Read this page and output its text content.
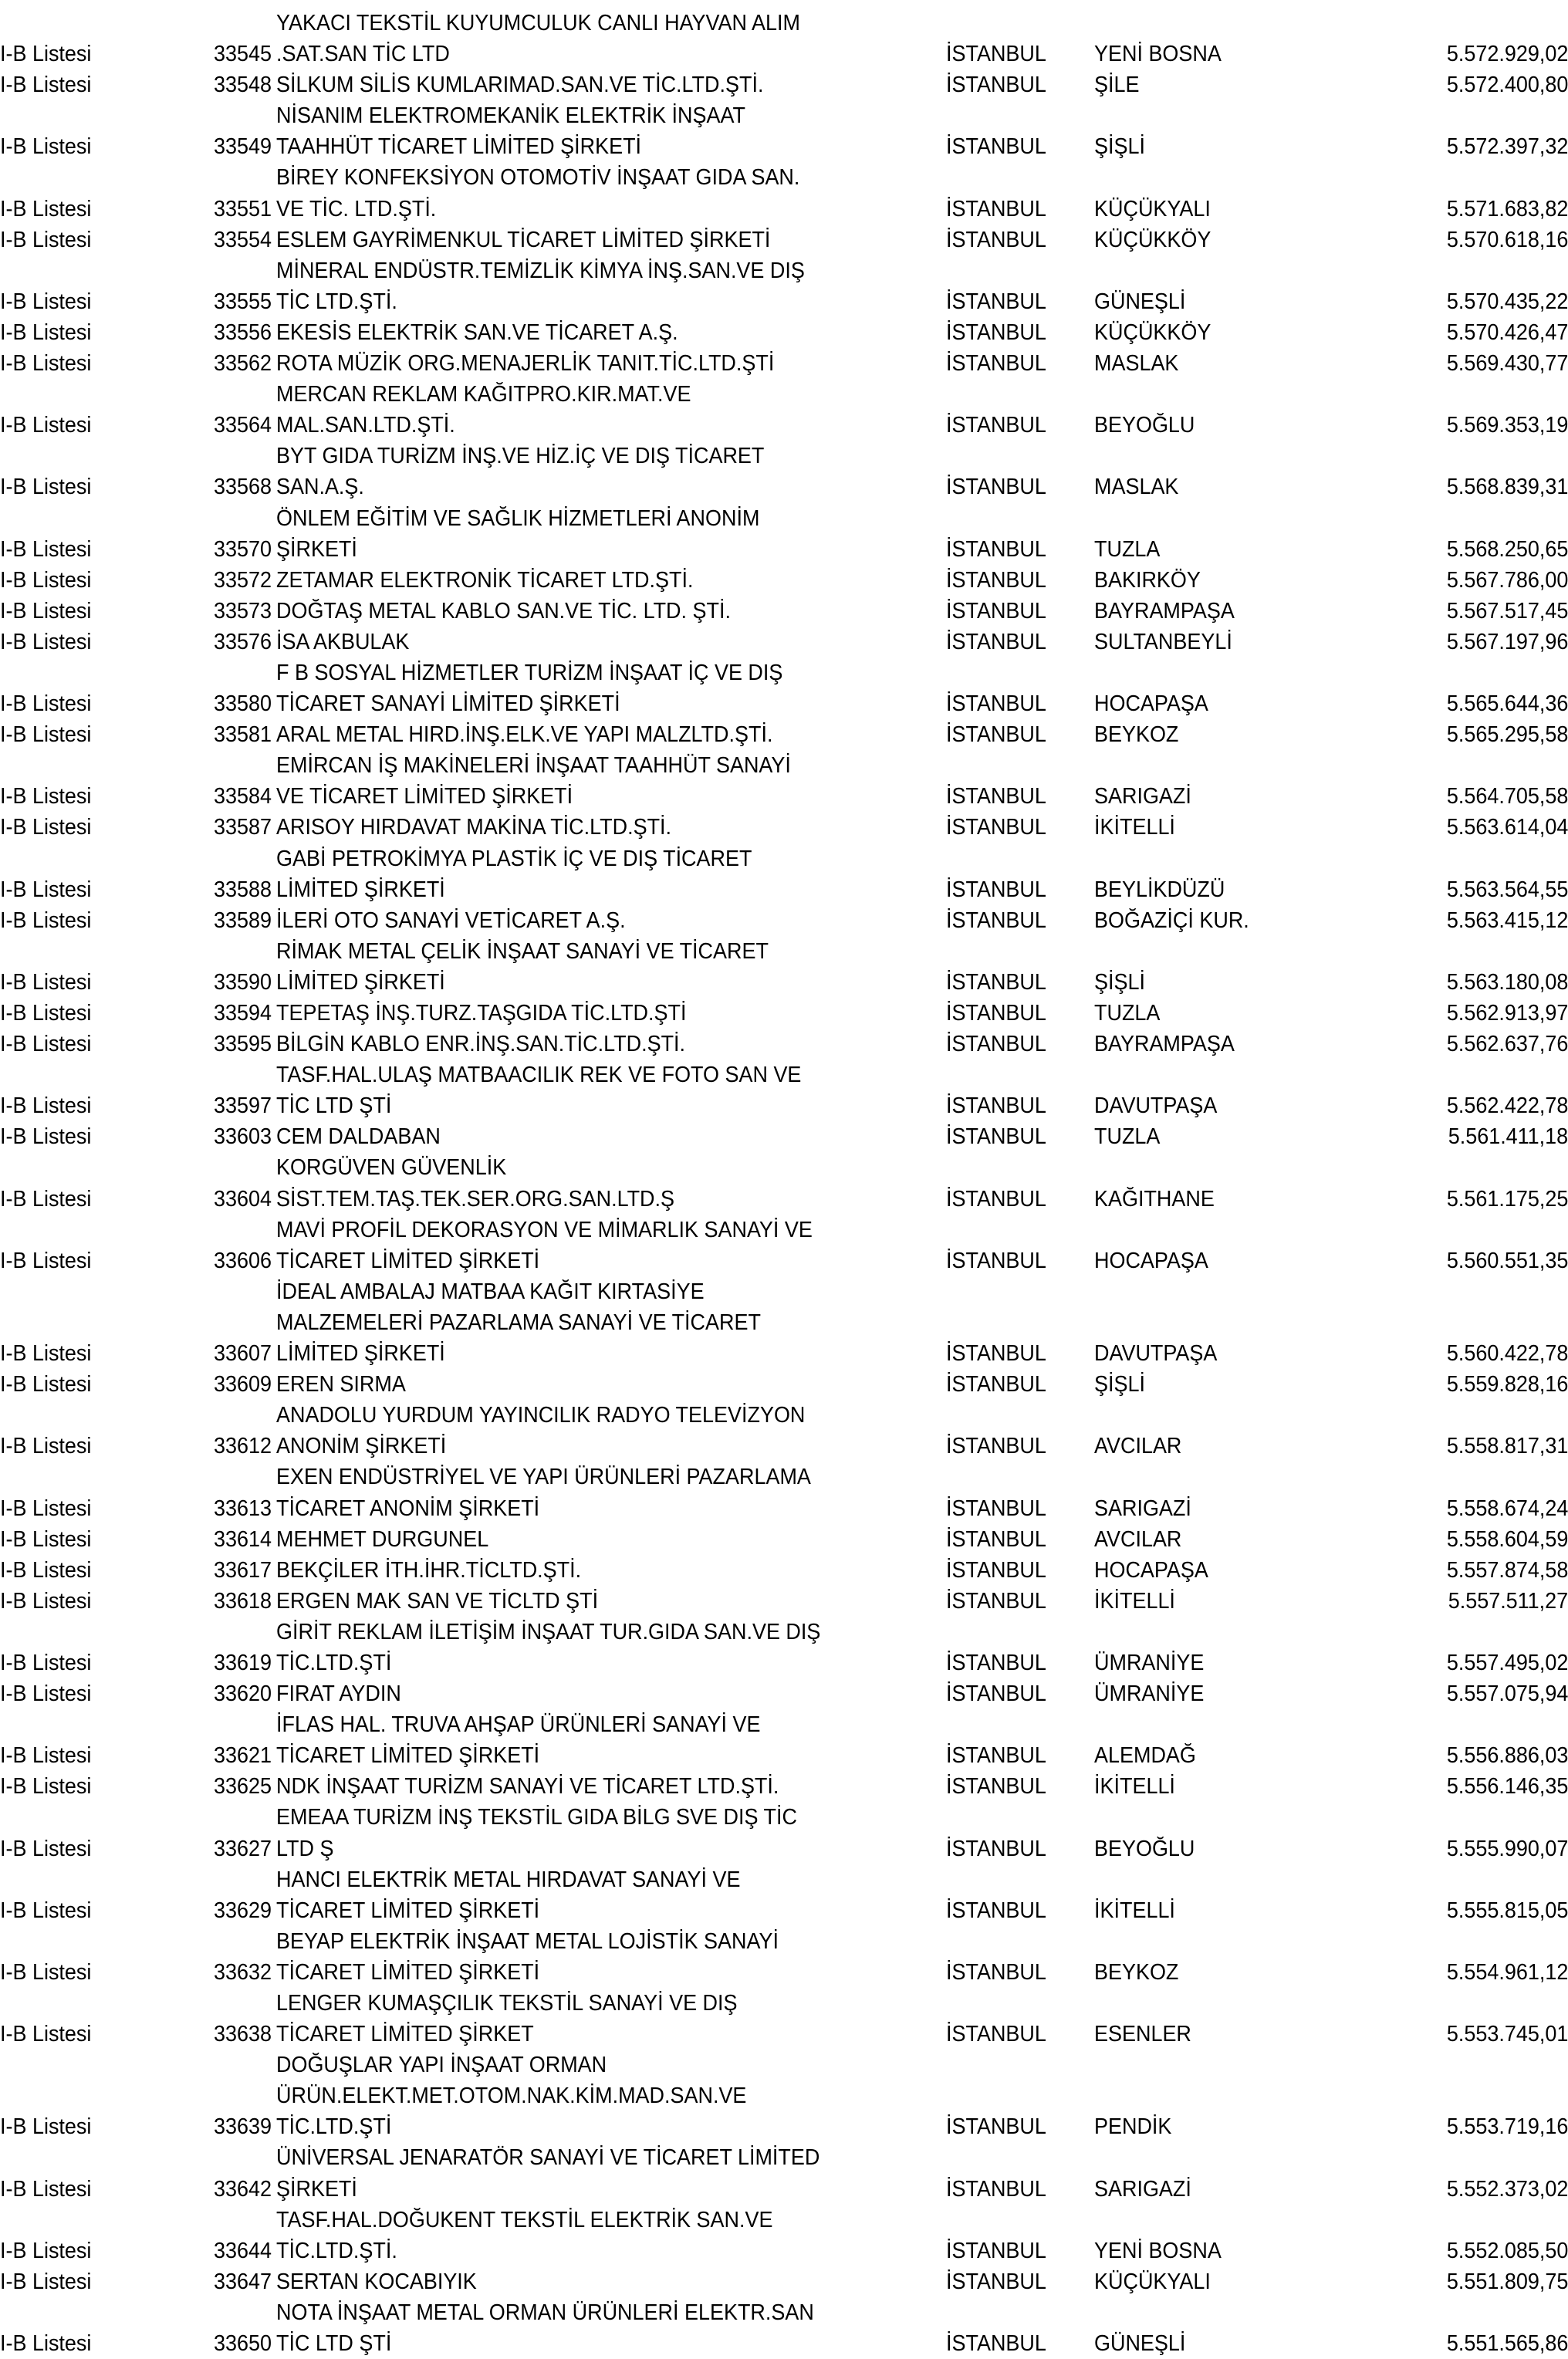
YAKACI TEKSTİL KUYUMCULUK CANLI HAYVAN ALIM
I-B Listesi	33545 .SAT.SAN TİC LTD	İSTANBUL YENİ BOSNA	5.572.929,02
I-B Listesi	33548 SİLKUM SİLİS KUMLARIMAD.SAN.VE TİC.LTD.ŞTİ.	İSTANBUL ŞİLE	5.572.400,80
NİSANIM ELEKTROMEKANİK ELEKTRİK İNŞAAT
I-B Listesi	33549 TAAHHÜT TİCARET LİMİTED ŞİRKETİ	İSTANBUL ŞİŞLİ	5.572.397,32
BİREY KONFEKSİYON OTOMOTİV İNŞAAT GIDA SAN.
I-B Listesi	33551 VE TİC. LTD.ŞTİ.	İSTANBUL KÜÇÜKYALI	5.571.683,82
I-B Listesi	33554 ESLEM GAYRİMENKUL TİCARET LİMİTED ŞİRKETİ	İSTANBUL KÜÇÜKKÖY	5.570.618,16
MİNERAL ENDÜSTR.TEMİZLİK KİMYA İNŞ.SAN.VE DIŞ
I-B Listesi	33555 TİC LTD.ŞTİ.	İSTANBUL GÜNEŞLİ	5.570.435,22
I-B Listesi	33556 EKESİS ELEKTRİK SAN.VE TİCARET A.Ş.	İSTANBUL KÜÇÜKKÖY	5.570.426,47
I-B Listesi	33562 ROTA MÜZİK ORG.MENAJERLİK TANIT.TİC.LTD.ŞTİ	İSTANBUL MASLAK	5.569.430,77
MERCAN REKLAM KAĞITPRO.KIR.MAT.VE
I-B Listesi	33564 MAL.SAN.LTD.ŞTİ.	İSTANBUL BEYOĞLU	5.569.353,19
BYT GIDA TURİZM İNŞ.VE HİZ.İÇ VE DIŞ TİCARET
I-B Listesi	33568 SAN.A.Ş.	İSTANBUL MASLAK	5.568.839,31
ÖNLEM EĞİTİM VE SAĞLIK HİZMETLERİ ANONİM
I-B Listesi	33570 ŞİRKETİ	İSTANBUL TUZLA	5.568.250,65
I-B Listesi	33572 ZETAMAR ELEKTRONİK TİCARET LTD.ŞTİ.	İSTANBUL BAKIRKÖY	5.567.786,00
I-B Listesi	33573 DOĞTAŞ METAL KABLO SAN.VE TİC. LTD. ŞTİ.	İSTANBUL BAYRAMPAŞA	5.567.517,45
I-B Listesi	33576 İSA AKBULAK	İSTANBUL SULTANBEYLİ	5.567.197,96
F B SOSYAL HİZMETLER TURİZM İNŞAAT İÇ VE DIŞ
I-B Listesi	33580 TİCARET SANAYİ LİMİTED ŞİRKETİ	İSTANBUL HOCAPAŞA	5.565.644,36
I-B Listesi	33581 ARAL METAL HIRD.İNŞ.ELK.VE YAPI MALZLTD.ŞTİ.	İSTANBUL BEYKOZ	5.565.295,58
EMİRCAN İŞ MAKİNELERİ İNŞAAT TAAHHÜT SANAYİ
I-B Listesi	33584 VE TİCARET LİMİTED ŞİRKETİ	İSTANBUL SARIGAZİ	5.564.705,58
I-B Listesi	33587 ARISOY HIRDAVAT MAKİNA TİC.LTD.ŞTİ.	İSTANBUL İKİTELLİ	5.563.614,04
GABİ PETROKİMYA PLASTİK İÇ VE DIŞ TİCARET
I-B Listesi	33588 LİMİTED ŞİRKETİ	İSTANBUL BEYLİKDÜZÜ	5.563.564,55
I-B Listesi	33589 İLERİ OTO SANAYİ VETİCARET A.Ş.	İSTANBUL BOĞAZİÇİ KUR.	5.563.415,12
RİMAK METAL ÇELİK İNŞAAT SANAYİ VE TİCARET
I-B Listesi	33590 LİMİTED ŞİRKETİ	İSTANBUL ŞİŞLİ	5.563.180,08
I-B Listesi	33594 TEPETAŞ İNŞ.TURZ.TAŞGIDA TİC.LTD.ŞTİ	İSTANBUL TUZLA	5.562.913,97
I-B Listesi	33595 BİLGİN KABLO ENR.İNŞ.SAN.TİC.LTD.ŞTİ.	İSTANBUL BAYRAMPAŞA	5.562.637,76
TASF.HAL.ULAŞ MATBAACILIK REK VE FOTO SAN VE
I-B Listesi	33597 TİC LTD ŞTİ	İSTANBUL DAVUTPAŞA	5.562.422,78
I-B Listesi	33603 CEM DALDABAN	İSTANBUL TUZLA	5.561.411,18
KORGÜVEN GÜVENLİK
I-B Listesi	33604 SİST.TEM.TAŞ.TEK.SER.ORG.SAN.LTD.Ş	İSTANBUL KAĞITHANE	5.561.175,25
MAVİ PROFİL DEKORASYON VE MİMARLIK SANAYİ VE
I-B Listesi	33606 TİCARET LİMİTED ŞİRKETİ	İSTANBUL HOCAPAŞA	5.560.551,35
İDEAL AMBALAJ MATBAA KAĞIT KIRTASİYE
MALZEMELERİ PAZARLAMA SANAYİ VE TİCARET
I-B Listesi	33607 LİMİTED ŞİRKETİ	İSTANBUL DAVUTPAŞA	5.560.422,78
I-B Listesi	33609 EREN SIRMA	İSTANBUL ŞİŞLİ	5.559.828,16
ANADOLU YURDUM YAYINCILIK RADYO TELEVİZYON
I-B Listesi	33612 ANONİM ŞİRKETİ	İSTANBUL AVCILAR	5.558.817,31
EXEN ENDÜSTRİYEL VE YAPI ÜRÜNLERİ PAZARLAMA
I-B Listesi	33613 TİCARET ANONİM ŞİRKETİ	İSTANBUL SARIGAZİ	5.558.674,24
I-B Listesi	33614 MEHMET DURGUNEL	İSTANBUL AVCILAR	5.558.604,59
I-B Listesi	33617 BEKÇİLER İTH.İHR.TİCLTD.ŞTİ.	İSTANBUL HOCAPAŞA	5.557.874,58
I-B Listesi	33618 ERGEN MAK SAN VE TİCLTD ŞTİ	İSTANBUL İKİTELLİ	5.557.511,27
GİRİT REKLAM İLETİŞİM İNŞAAT TUR.GIDA SAN.VE DIŞ
I-B Listesi	33619 TİC.LTD.ŞTİ	İSTANBUL ÜMRANİYE	5.557.495,02
I-B Listesi	33620 FIRAT AYDIN	İSTANBUL ÜMRANİYE	5.557.075,94
İFLAS HAL. TRUVA AHŞAP ÜRÜNLERİ SANAYİ VE
I-B Listesi	33621 TİCARET LİMİTED ŞİRKETİ	İSTANBUL ALEMDAĞ	5.556.886,03
I-B Listesi	33625 NDK İNŞAAT TURİZM SANAYİ VE TİCARET LTD.ŞTİ.	İSTANBUL İKİTELLİ	5.556.146,35
EMEAA TURİZM İNŞ TEKSTİL GIDA BİLG SVE DIŞ TİC
I-B Listesi	33627 LTD Ş	İSTANBUL BEYOĞLU	5.555.990,07
HANCI ELEKTRİK METAL HIRDAVAT SANAYİ VE
I-B Listesi	33629 TİCARET LİMİTED ŞİRKETİ	İSTANBUL İKİTELLİ	5.555.815,05
BEYAP ELEKTRİK İNŞAAT METAL LOJİSTİK SANAYİ
I-B Listesi	33632 TİCARET LİMİTED ŞİRKETİ	İSTANBUL BEYKOZ	5.554.961,12
LENGER KUMAŞÇILIK TEKSTİL SANAYİ VE DIŞ
I-B Listesi	33638 TİCARET LİMİTED ŞİRKET	İSTANBUL ESENLER	5.553.745,01
DOĞUŞLAR YAPI İNŞAAT ORMAN
ÜRÜN.ELEKT.MET.OTOM.NAK.KİM.MAD.SAN.VE
I-B Listesi	33639 TİC.LTD.ŞTİ	İSTANBUL PENDİK	5.553.719,16
ÜNİVERSAL JENARATÖR SANAYİ VE TİCARET LİMİTED
I-B Listesi	33642 ŞİRKETİ	İSTANBUL SARIGAZİ	5.552.373,02
TASF.HAL.DOĞUKENT TEKSTİL ELEKTRİK SAN.VE
I-B Listesi	33644 TİC.LTD.ŞTİ.	İSTANBUL YENİ BOSNA	5.552.085,50
I-B Listesi	33647 SERTAN KOCABIYIK	İSTANBUL KÜÇÜKYALI	5.551.809,75
NOTA İNŞAAT METAL ORMAN ÜRÜNLERİ ELEKTR.SAN
I-B Listesi	33650 TİC LTD ŞTİ	İSTANBUL GÜNEŞLİ	5.551.565,86
